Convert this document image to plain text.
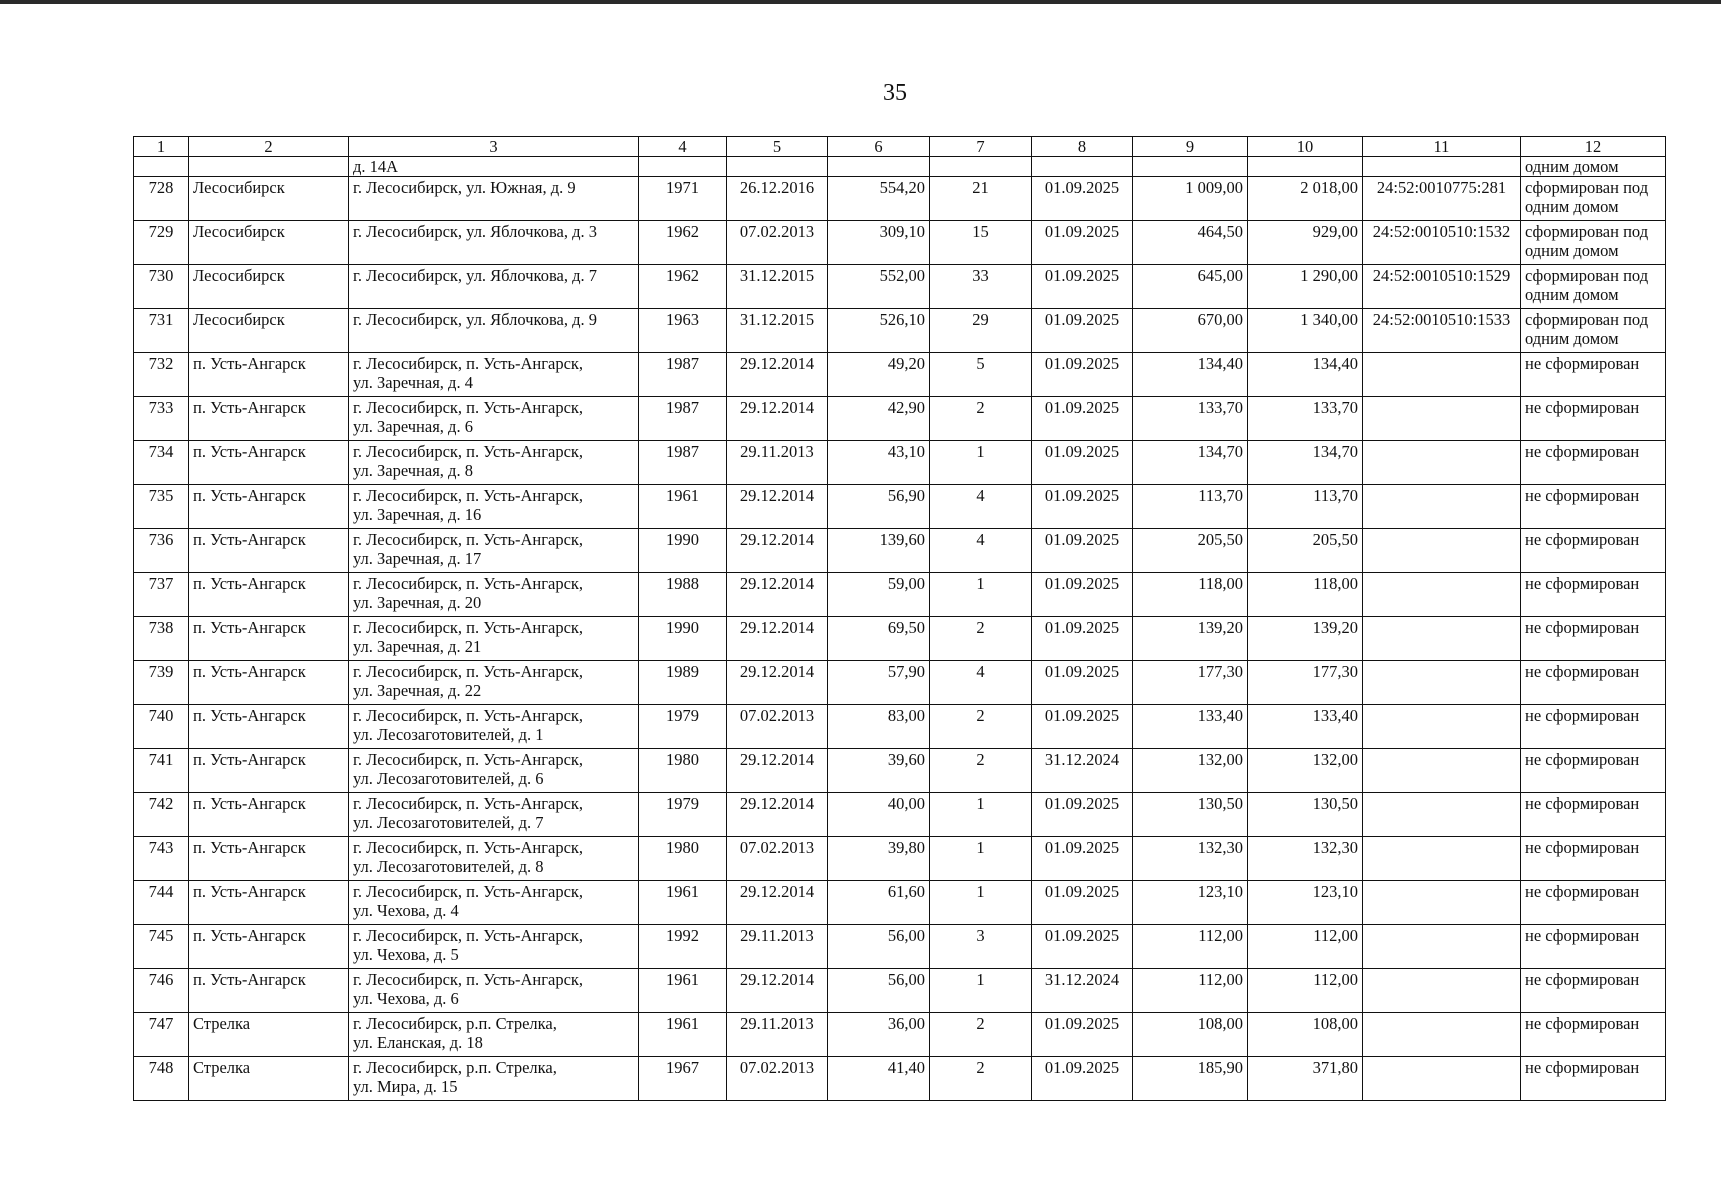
35
1	2	3	4	5	6	7	8	9	10	11	12
		д. 14А									одним домом
728	Лесосибирск	г. Лесосибирск, ул. Южная, д. 9	1971	26.12.2016	554,20	21	01.09.2025	1 009,00	2 018,00	24:52:0010775:281	сформирован под
одним домом

729	Лесосибирск	г. Лесосибирск, ул. Яблочкова, д. 3	1962	07.02.2013	309,10	15	01.09.2025	464,50	929,00	24:52:0010510:1532	сформирован под
одним домом

730	Лесосибирск	г. Лесосибирск, ул. Яблочкова, д. 7	1962	31.12.2015	552,00	33	01.09.2025	645,00	1 290,00	24:52:0010510:1529	сформирован под
одним домом

731	Лесосибирск	г. Лесосибирск, ул. Яблочкова, д. 9	1963	31.12.2015	526,10	29	01.09.2025	670,00	1 340,00	24:52:0010510:1533	сформирован под
одним домом

732	п. Усть-Ангарск	г. Лесосибирск, п. Усть-Ангарск,
ул. Заречная, д. 4	1987	29.12.2014	49,20	5	01.09.2025	134,40	134,40		не сформирован

733	п. Усть-Ангарск	г. Лесосибирск, п. Усть-Ангарск,
ул. Заречная, д. 6	1987	29.12.2014	42,90	2	01.09.2025	133,70	133,70		не сформирован

734	п. Усть-Ангарск	г. Лесосибирск, п. Усть-Ангарск,
ул. Заречная, д. 8	1987	29.11.2013	43,10	1	01.09.2025	134,70	134,70		не сформирован

735	п. Усть-Ангарск	г. Лесосибирск, п. Усть-Ангарск,
ул. Заречная, д. 16	1961	29.12.2014	56,90	4	01.09.2025	113,70	113,70		не сформирован

736	п. Усть-Ангарск	г. Лесосибирск, п. Усть-Ангарск,
ул. Заречная, д. 17	1990	29.12.2014	139,60	4	01.09.2025	205,50	205,50		не сформирован

737	п. Усть-Ангарск	г. Лесосибирск, п. Усть-Ангарск,
ул. Заречная, д. 20	1988	29.12.2014	59,00	1	01.09.2025	118,00	118,00		не сформирован

738	п. Усть-Ангарск	г. Лесосибирск, п. Усть-Ангарск,
ул. Заречная, д. 21	1990	29.12.2014	69,50	2	01.09.2025	139,20	139,20		не сформирован

739	п. Усть-Ангарск	г. Лесосибирск, п. Усть-Ангарск,
ул. Заречная, д. 22	1989	29.12.2014	57,90	4	01.09.2025	177,30	177,30		не сформирован

740	п. Усть-Ангарск	г. Лесосибирск, п. Усть-Ангарск,
ул. Лесозаготовителей, д. 1	1979	07.02.2013	83,00	2	01.09.2025	133,40	133,40		не сформирован

741	п. Усть-Ангарск	г. Лесосибирск, п. Усть-Ангарск,
ул. Лесозаготовителей, д. 6	1980	29.12.2014	39,60	2	31.12.2024	132,00	132,00		не сформирован

742	п. Усть-Ангарск	г. Лесосибирск, п. Усть-Ангарск,
ул. Лесозаготовителей, д. 7	1979	29.12.2014	40,00	1	01.09.2025	130,50	130,50		не сформирован

743	п. Усть-Ангарск	г. Лесосибирск, п. Усть-Ангарск,
ул. Лесозаготовителей, д. 8	1980	07.02.2013	39,80	1	01.09.2025	132,30	132,30		не сформирован

744	п. Усть-Ангарск	г. Лесосибирск, п. Усть-Ангарск,
ул. Чехова, д. 4	1961	29.12.2014	61,60	1	01.09.2025	123,10	123,10		не сформирован

745	п. Усть-Ангарск	г. Лесосибирск, п. Усть-Ангарск,
ул. Чехова, д. 5	1992	29.11.2013	56,00	3	01.09.2025	112,00	112,00		не сформирован

746	п. Усть-Ангарск	г. Лесосибирск, п. Усть-Ангарск,
ул. Чехова, д. 6	1961	29.12.2014	56,00	1	31.12.2024	112,00	112,00		не сформирован

747	Стрелка	г. Лесосибирск, р.п. Стрелка,
ул. Еланская, д. 18	1961	29.11.2013	36,00	2	01.09.2025	108,00	108,00		не сформирован

748	Стрелка	г. Лесосибирск, р.п. Стрелка,
ул. Мира, д. 15	1967	07.02.2013	41,40	2	01.09.2025	185,90	371,80		не сформирован
